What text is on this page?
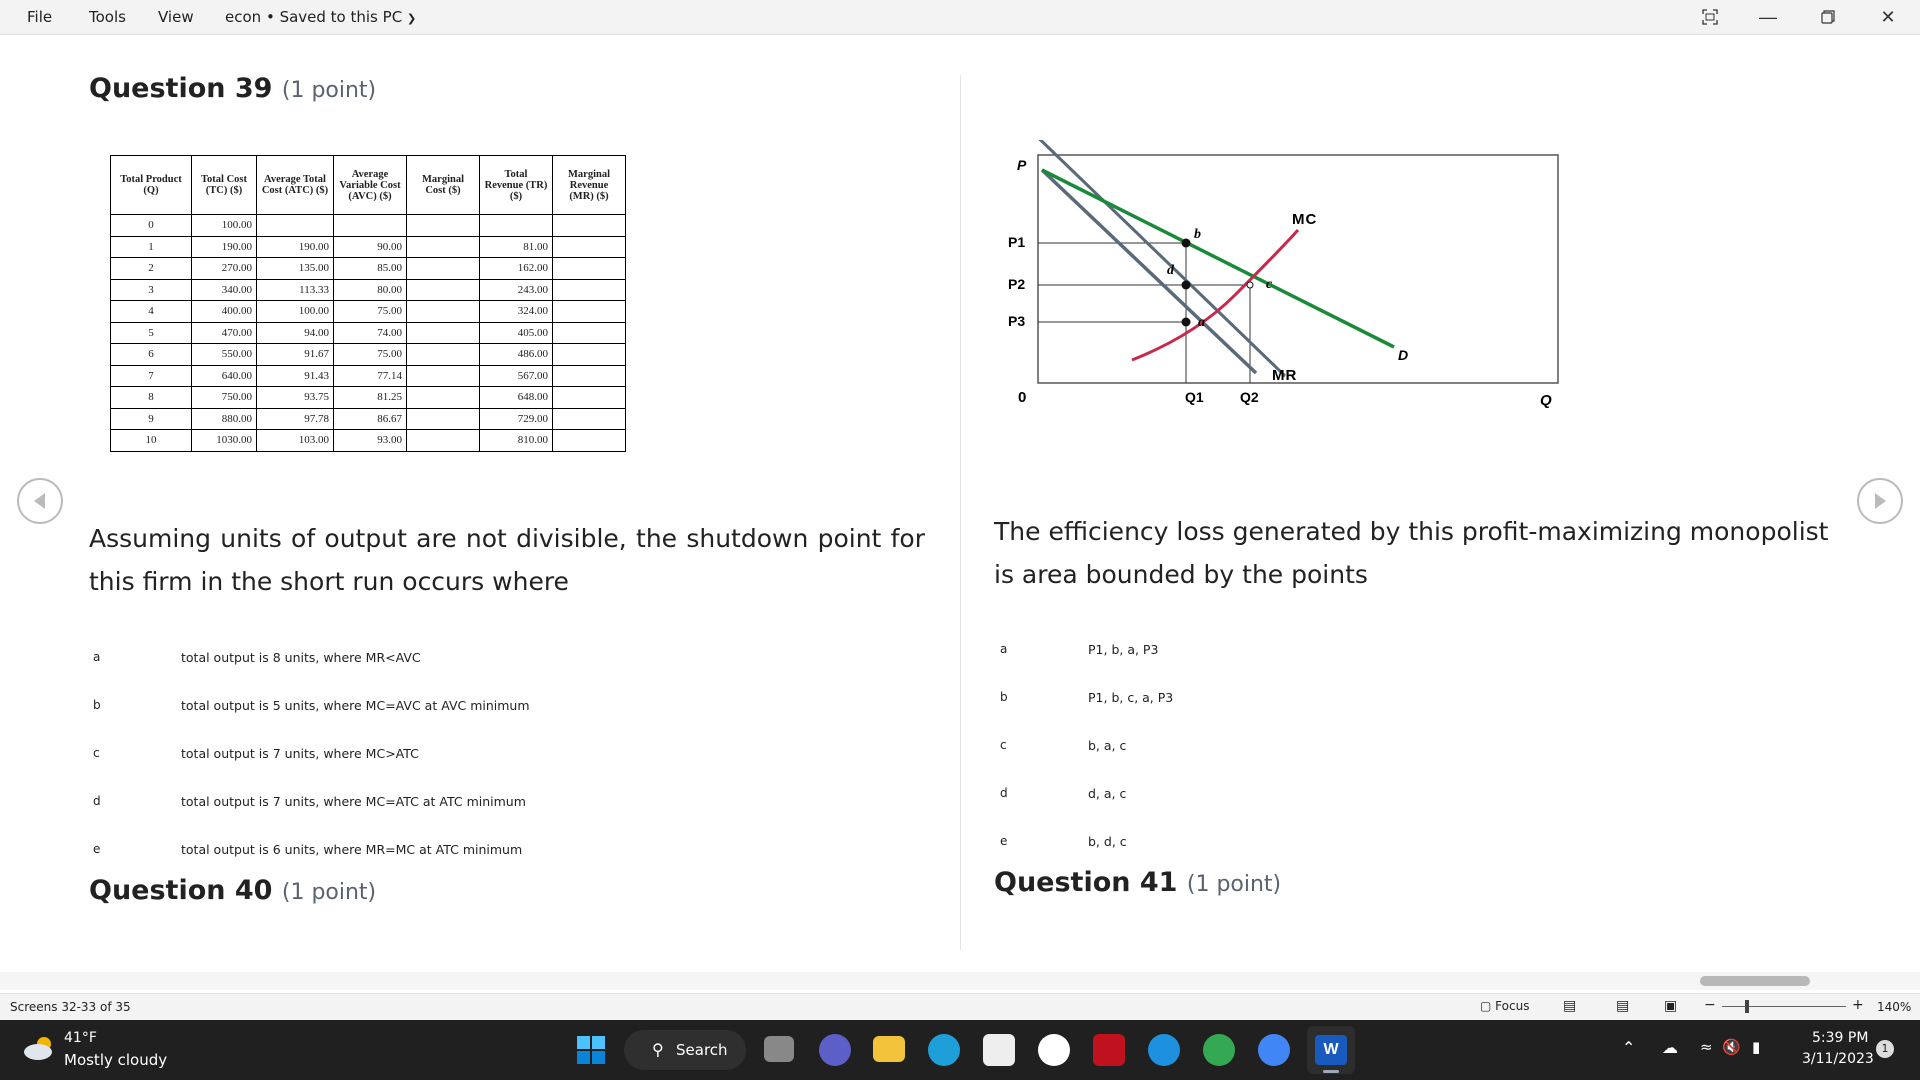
File Tools View econ • Saved to this PC ❯	—	✕
Question 39 (1 point)
Total Product (Q)	Total Cost (TC) ($)	Average Total Cost (ATC) ($)	Average Variable Cost (AVC) ($)	Marginal Cost ($)	Total Revenue (TR) ($)	Marginal Revenue (MR) ($)
0	100.00					
1	190.00	190.00	90.00		81.00	
2	270.00	135.00	85.00		162.00	
3	340.00	113.33	80.00		243.00	
4	400.00	100.00	75.00		324.00	
5	470.00	94.00	74.00		405.00	
6	550.00	91.67	75.00		486.00	
7	640.00	91.43	77.14		567.00	
8	750.00	93.75	81.25		648.00	
9	880.00	97.78	86.67		729.00	
10	1030.00	103.00	93.00		810.00	
Assuming units of output are not divisible, the shutdown point for this firm in the short run occurs where
a	total output is 8 units, where MR<AVC
b	total output is 5 units, where MC=AVC at AVC minimum
c	total output is 7 units, where MC>ATC
d	total output is 7 units, where MC=ATC at ATC minimum
e	total output is 6 units, where MR=MC at ATC minimum
Question 40 (1 point)
P
Q
0
P1
P2
P3
Q1	Q2
b
d
a
c
MC
MR
D
The efficiency loss generated by this profit-maximizing monopolist is area bounded by the points
a	P1, b, a, P3
b	P1, b, c, a, P3
c	b, a, c
d	d, a, c
e	b, d, c
Question 41 (1 point)
Screens 32-33 of 35	▢ Focus ▤	▤ ▣ −	+ 140%
41°F
Mostly cloudy
⚲ Search	W	⌃ ☁ ≈ 🔇 ▮	5:39 PM
3/11/2023
1
